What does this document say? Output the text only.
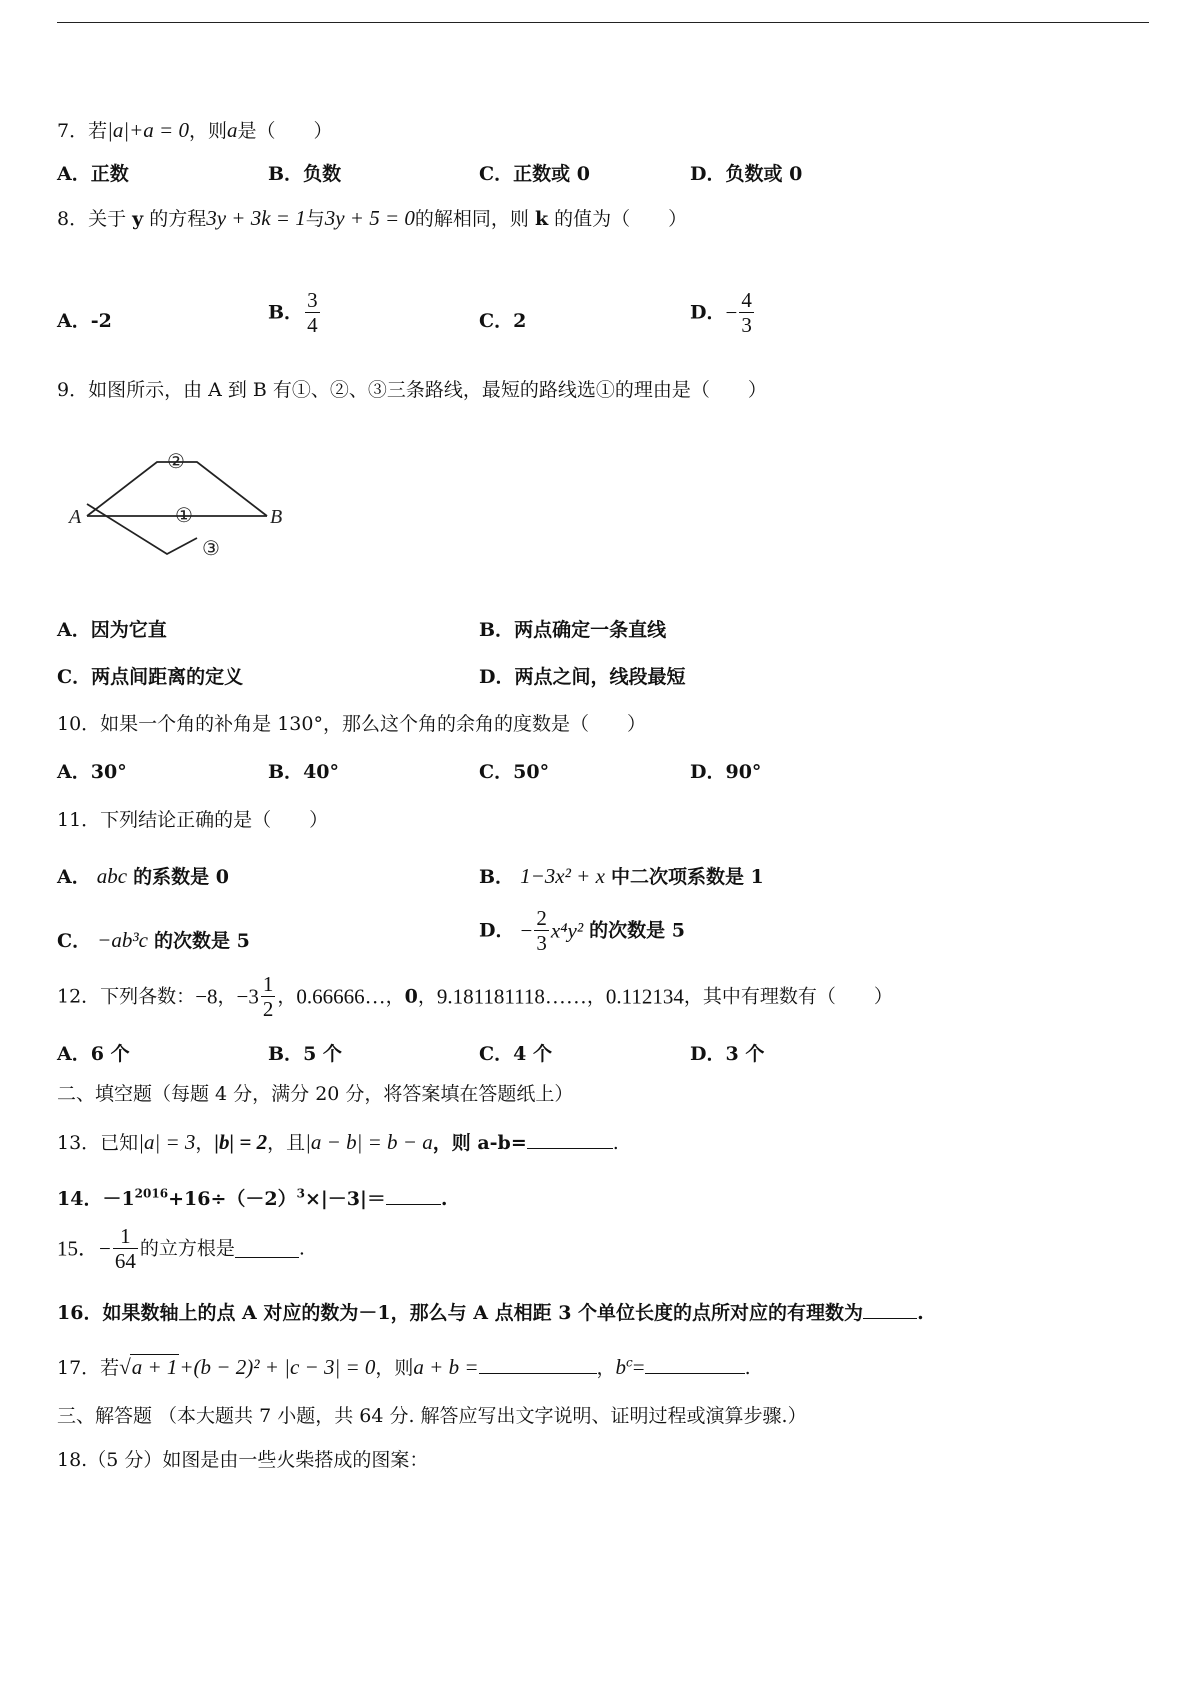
7．若|a|+a = 0，则a是（　　）
A．正数	B．负数	C．正数或 0	D．负数或 0
8．关于 y 的方程3y + 3k = 1与3y + 5 = 0的解相同，则 k 的值为（　　）
A．-2	B． $\frac{3}{4}$	C．2	D．− $\frac{4}{3}$
9．如图所示，由 A 到 B 有①、②、③三条路线，最短的路线选①的理由是（　　）
A	B
①
②
③
A．因为它直	B．两点确定一条直线
C．两点间距离的定义	D．两点之间，线段最短
10．如果一个角的补角是 130°，那么这个角的余角的度数是（　　）
A．30°	B．40°	C．50°	D．90°
11．下列结论正确的是（　　）
A． abc 的系数是 0	B． 1−3x² + x 中二次项系数是 1
C． −ab³c 的次数是 5	D． − $\frac{2}{3} x^4y^2$ 的次数是 5
12．下列各数：−8，$-3 \frac{1}{2}$ ，0.66666…，0，9.181181118……，0.112134，其中有理数有（　　）
A．6 个	B．5 个	C．4 个	D．3 个
二、填空题（每题 4 分，满分 20 分，将答案填在答题纸上）
13．已知|a| = 3，|b| = 2，且|a − b| = b − a，则 a-b=	.
14．$-1^{2016}+16\div(-2)^3\times|-3|=$	.
15．− $\frac{1}{64}$ 的立方根是	.
16．如果数轴上的点 A 对应的数为－1，那么与 A 点相距 3 个单位长度的点所对应的有理数为	.
17．若√a + 1+(b − 2)² + |c − 3| = 0，则a + b =	，$b^c=$	.
三、解答题 （本大题共 7 小题，共 64 分. 解答应写出文字说明、证明过程或演算步骤.）
18.（5 分）如图是由一些火柴搭成的图案：
